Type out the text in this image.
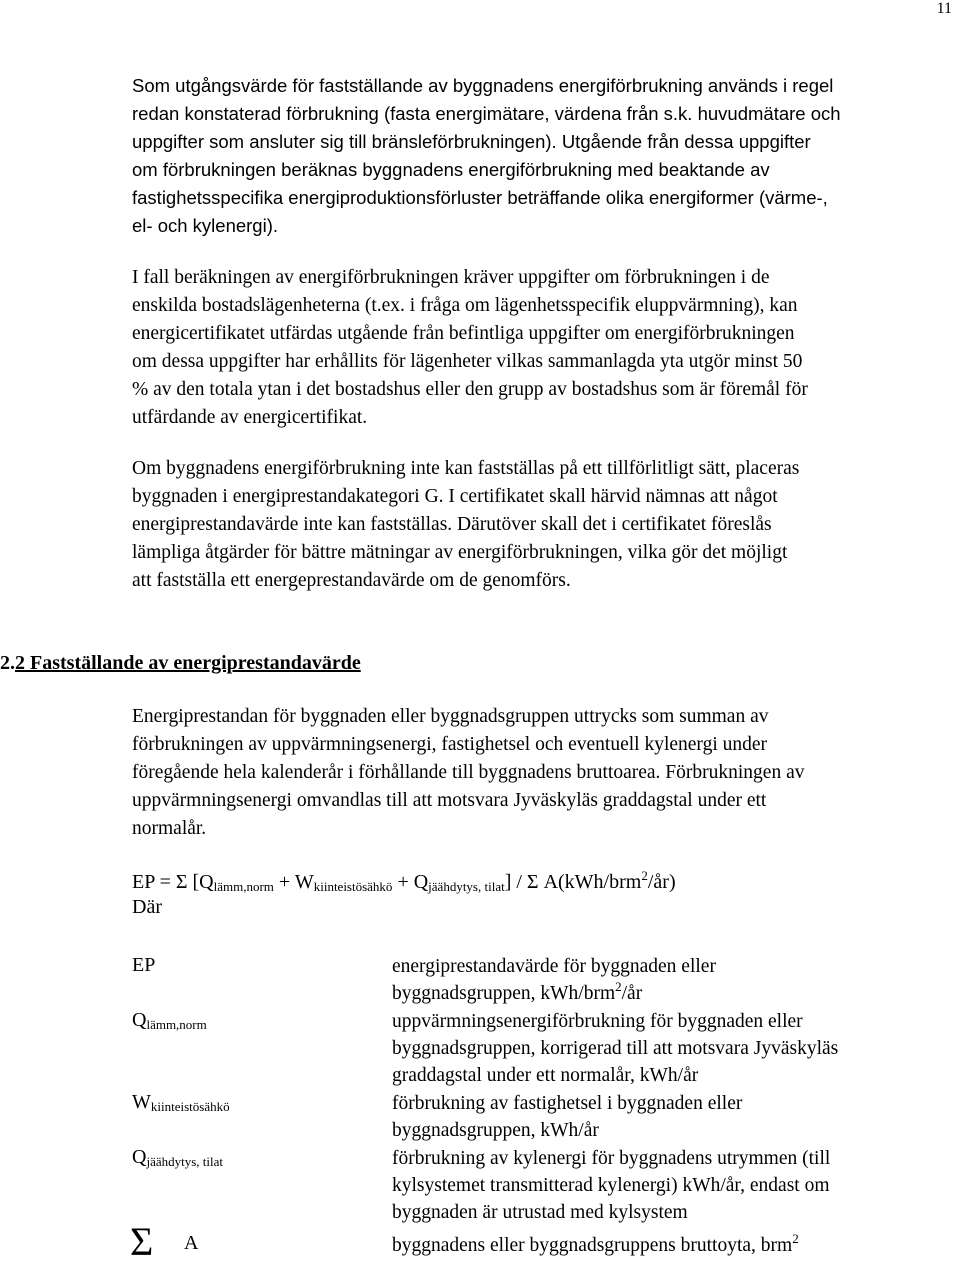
11
Som utgångsvärde för fastställande av byggnadens energiförbrukning används i regel
redan konstaterad förbrukning (fasta energimätare, värdena från s.k. huvudmätare och
uppgifter som ansluter sig till bränsleförbrukningen). Utgående från dessa uppgifter
om förbrukningen beräknas byggnadens energiförbrukning med beaktande av
fastighetsspecifika energiproduktionsförluster beträffande olika energiformer (värme-,
el- och kylenergi).
I fall beräkningen av energiförbrukningen kräver uppgifter om förbrukningen i de
enskilda bostadslägenheterna (t.ex. i fråga om lägenhetsspecifik eluppvärmning), kan
energicertifikatet utfärdas utgående från befintliga uppgifter om energiförbrukningen
om dessa uppgifter har erhållits för lägenheter vilkas sammanlagda yta utgör minst 50
% av den totala ytan i det bostadshus eller den grupp av bostadshus som är föremål för
utfärdande av energicertifikat.
Om byggnadens energiförbrukning inte kan fastställas på ett tillförlitligt sätt, placeras
byggnaden i energiprestandakategori G. I certifikatet skall härvid nämnas att något
energiprestandavärde inte kan fastställas. Därutöver skall det i certifikatet föreslås
lämpliga åtgärder för bättre mätningar av energiförbrukningen, vilka gör det möjligt
att fastställa ett energeprestandavärde om de genomförs.
2.2 Fastställande av energiprestandavärde
Energiprestandan för byggnaden eller byggnadsgruppen uttrycks som summan av
förbrukningen av uppvärmningsenergi, fastighetsel och eventuell kylenergi under
föregående hela kalenderår i förhållande till byggnadens bruttoarea. Förbrukningen av
uppvärmningsenergi omvandlas till att motsvara Jyväskyläs graddagstal under ett
normalår.
EP = Σ $[Q_{lämm,norm} + W_{kiinteistösähkö} + Q_{jäähdytys, tilat}] / \Sigma$ A(kWh/brm$^2$/år)
Där
EP	energiprestandavärde för byggnaden eller
byggnadsgruppen, kWh/brm$^2$/år
$Q_{lämm,norm}$	uppvärmningsenergiförbrukning för byggnaden eller
byggnadsgruppen, korrigerad till att motsvara Jyväskyläs
graddagstal under ett normalår, kWh/år
$W_{kiinteistösähkö}$	förbrukning av fastighetsel i byggnaden eller
byggnadsgruppen, kWh/år
$Q_{jäähdytys, tilat}$	förbrukning av kylenergi för byggnadens utrymmen (till
kylsystemet transmitterad kylenergi) kWh/år, endast om
byggnaden är utrustad med kylsystem
Σ A	byggnadens eller byggnadsgruppens bruttoyta, brm$^2$
